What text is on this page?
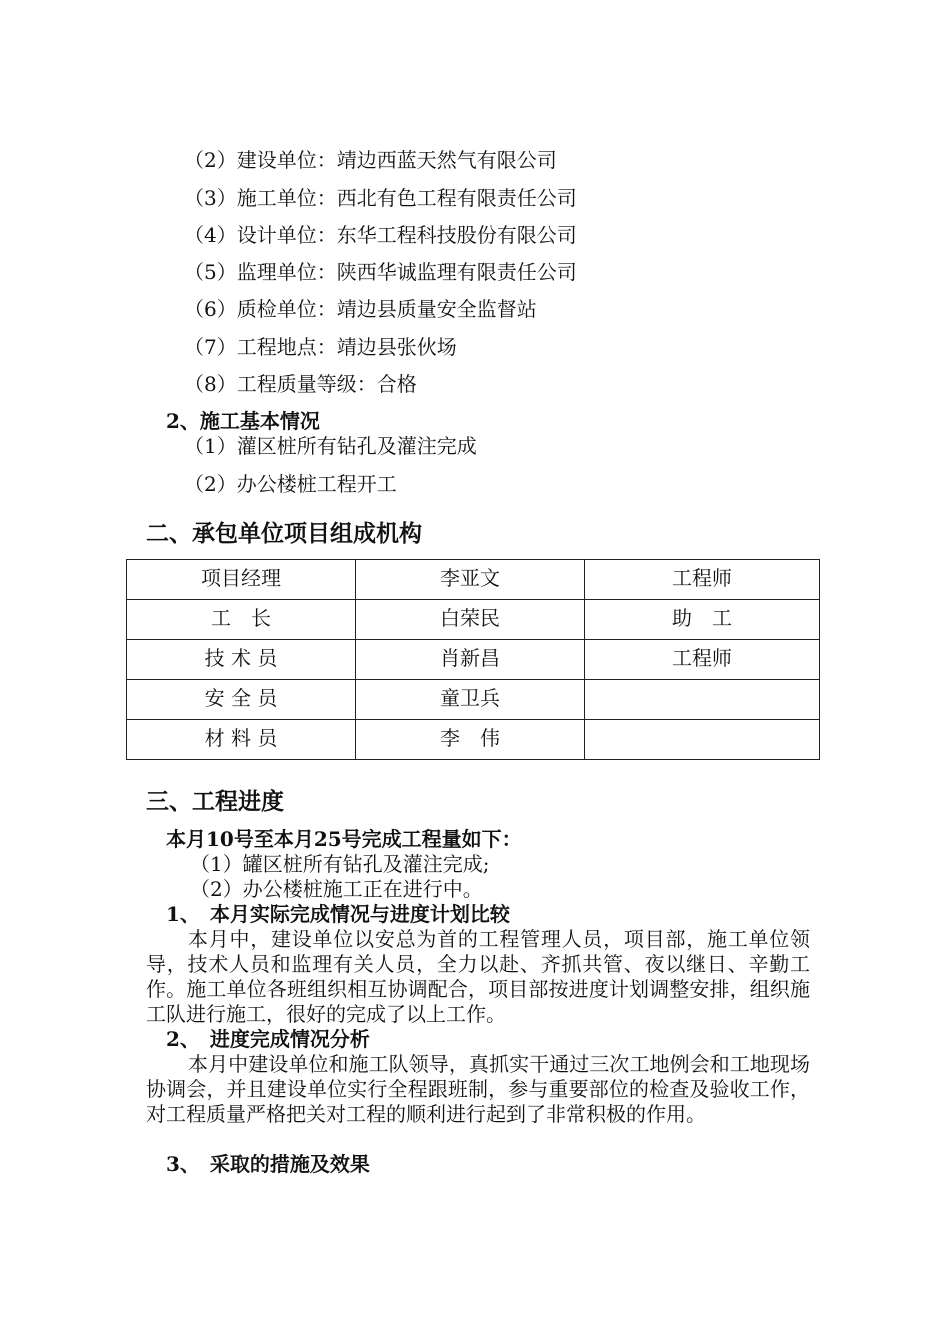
（2）建设单位：靖边西蓝天然气有限公司
（3）施工单位：西北有色工程有限责任公司
（4）设计单位：东华工程科技股份有限公司
（5）监理单位：陕西华诚监理有限责任公司
（6）质检单位：靖边县质量安全监督站
（7）工程地点：靖边县张伙场
（8）工程质量等级：合格
2、施工基本情况
（1）灌区桩所有钻孔及灌注完成
（2）办公楼桩工程开工
二、承包单位项目组成机构
项目经理	李亚文	工程师
工　长	白荣民	助　工
技 术 员	肖新昌	工程师
安 全 员	童卫兵	
材 料 员	李　伟	
三、工程进度
本月10号至本月25号完成工程量如下：
（1）罐区桩所有钻孔及灌注完成;
（2）办公楼桩施工正在进行中。
1、　本月实际完成情况与进度计划比较
本月中，建设单位以安总为首的工程管理人员，项目部，施工单位领导，技术人员和监理有关人员，全力以赴、齐抓共管、夜以继日、辛勤工作。施工单位各班组织相互协调配合，项目部按进度计划调整安排，组织施工队进行施工，很好的完成了以上工作。
2、　进度完成情况分析
本月中建设单位和施工队领导，真抓实干通过三次工地例会和工地现场协调会，并且建设单位实行全程跟班制，参与重要部位的检查及验收工作，对工程质量严格把关对工程的顺利进行起到了非常积极的作用。
3、　采取的措施及效果
